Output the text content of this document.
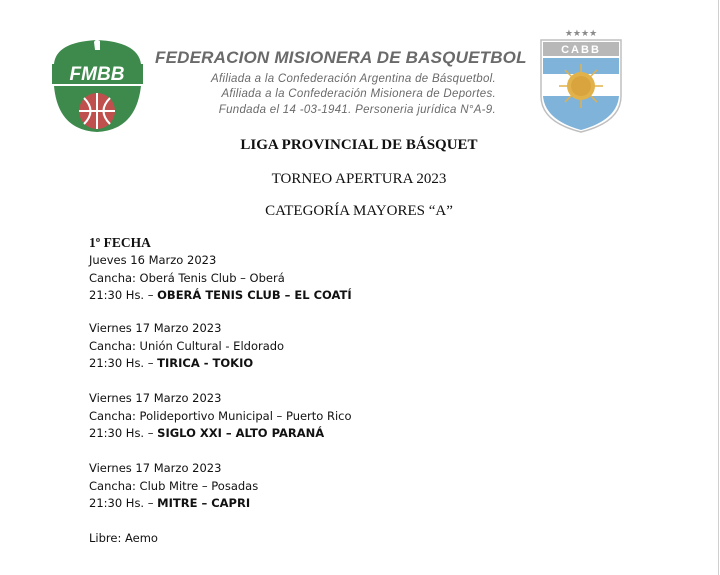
FMBB
FEDERACION MISIONERA DE BASQUETBOL
Afiliada a la Confederación Argentina de Básquetbol.
Afiliada a la Confederación Misionera de Deportes.
Fundada el 14 -03-1941. Personeria jurídica N°A-9.
★★★★
CABB
LIGA PROVINCIAL DE BÁSQUET
TORNEO APERTURA 2023
CATEGORÍA MAYORES “A”
1º FECHA
Jueves 16 Marzo 2023
Cancha: Oberá Tenis Club – Oberá
21:30 Hs. – OBERÁ TENIS CLUB – EL COATÍ
Viernes 17 Marzo 2023
Cancha: Unión Cultural - Eldorado
21:30 Hs. – TIRICA - TOKIO
Viernes 17 Marzo 2023
Cancha: Polideportivo Municipal – Puerto Rico
21:30 Hs. – SIGLO XXI – ALTO PARANÁ
Viernes 17 Marzo 2023
Cancha: Club Mitre – Posadas
21:30 Hs. – MITRE – CAPRI
Libre: Aemo
